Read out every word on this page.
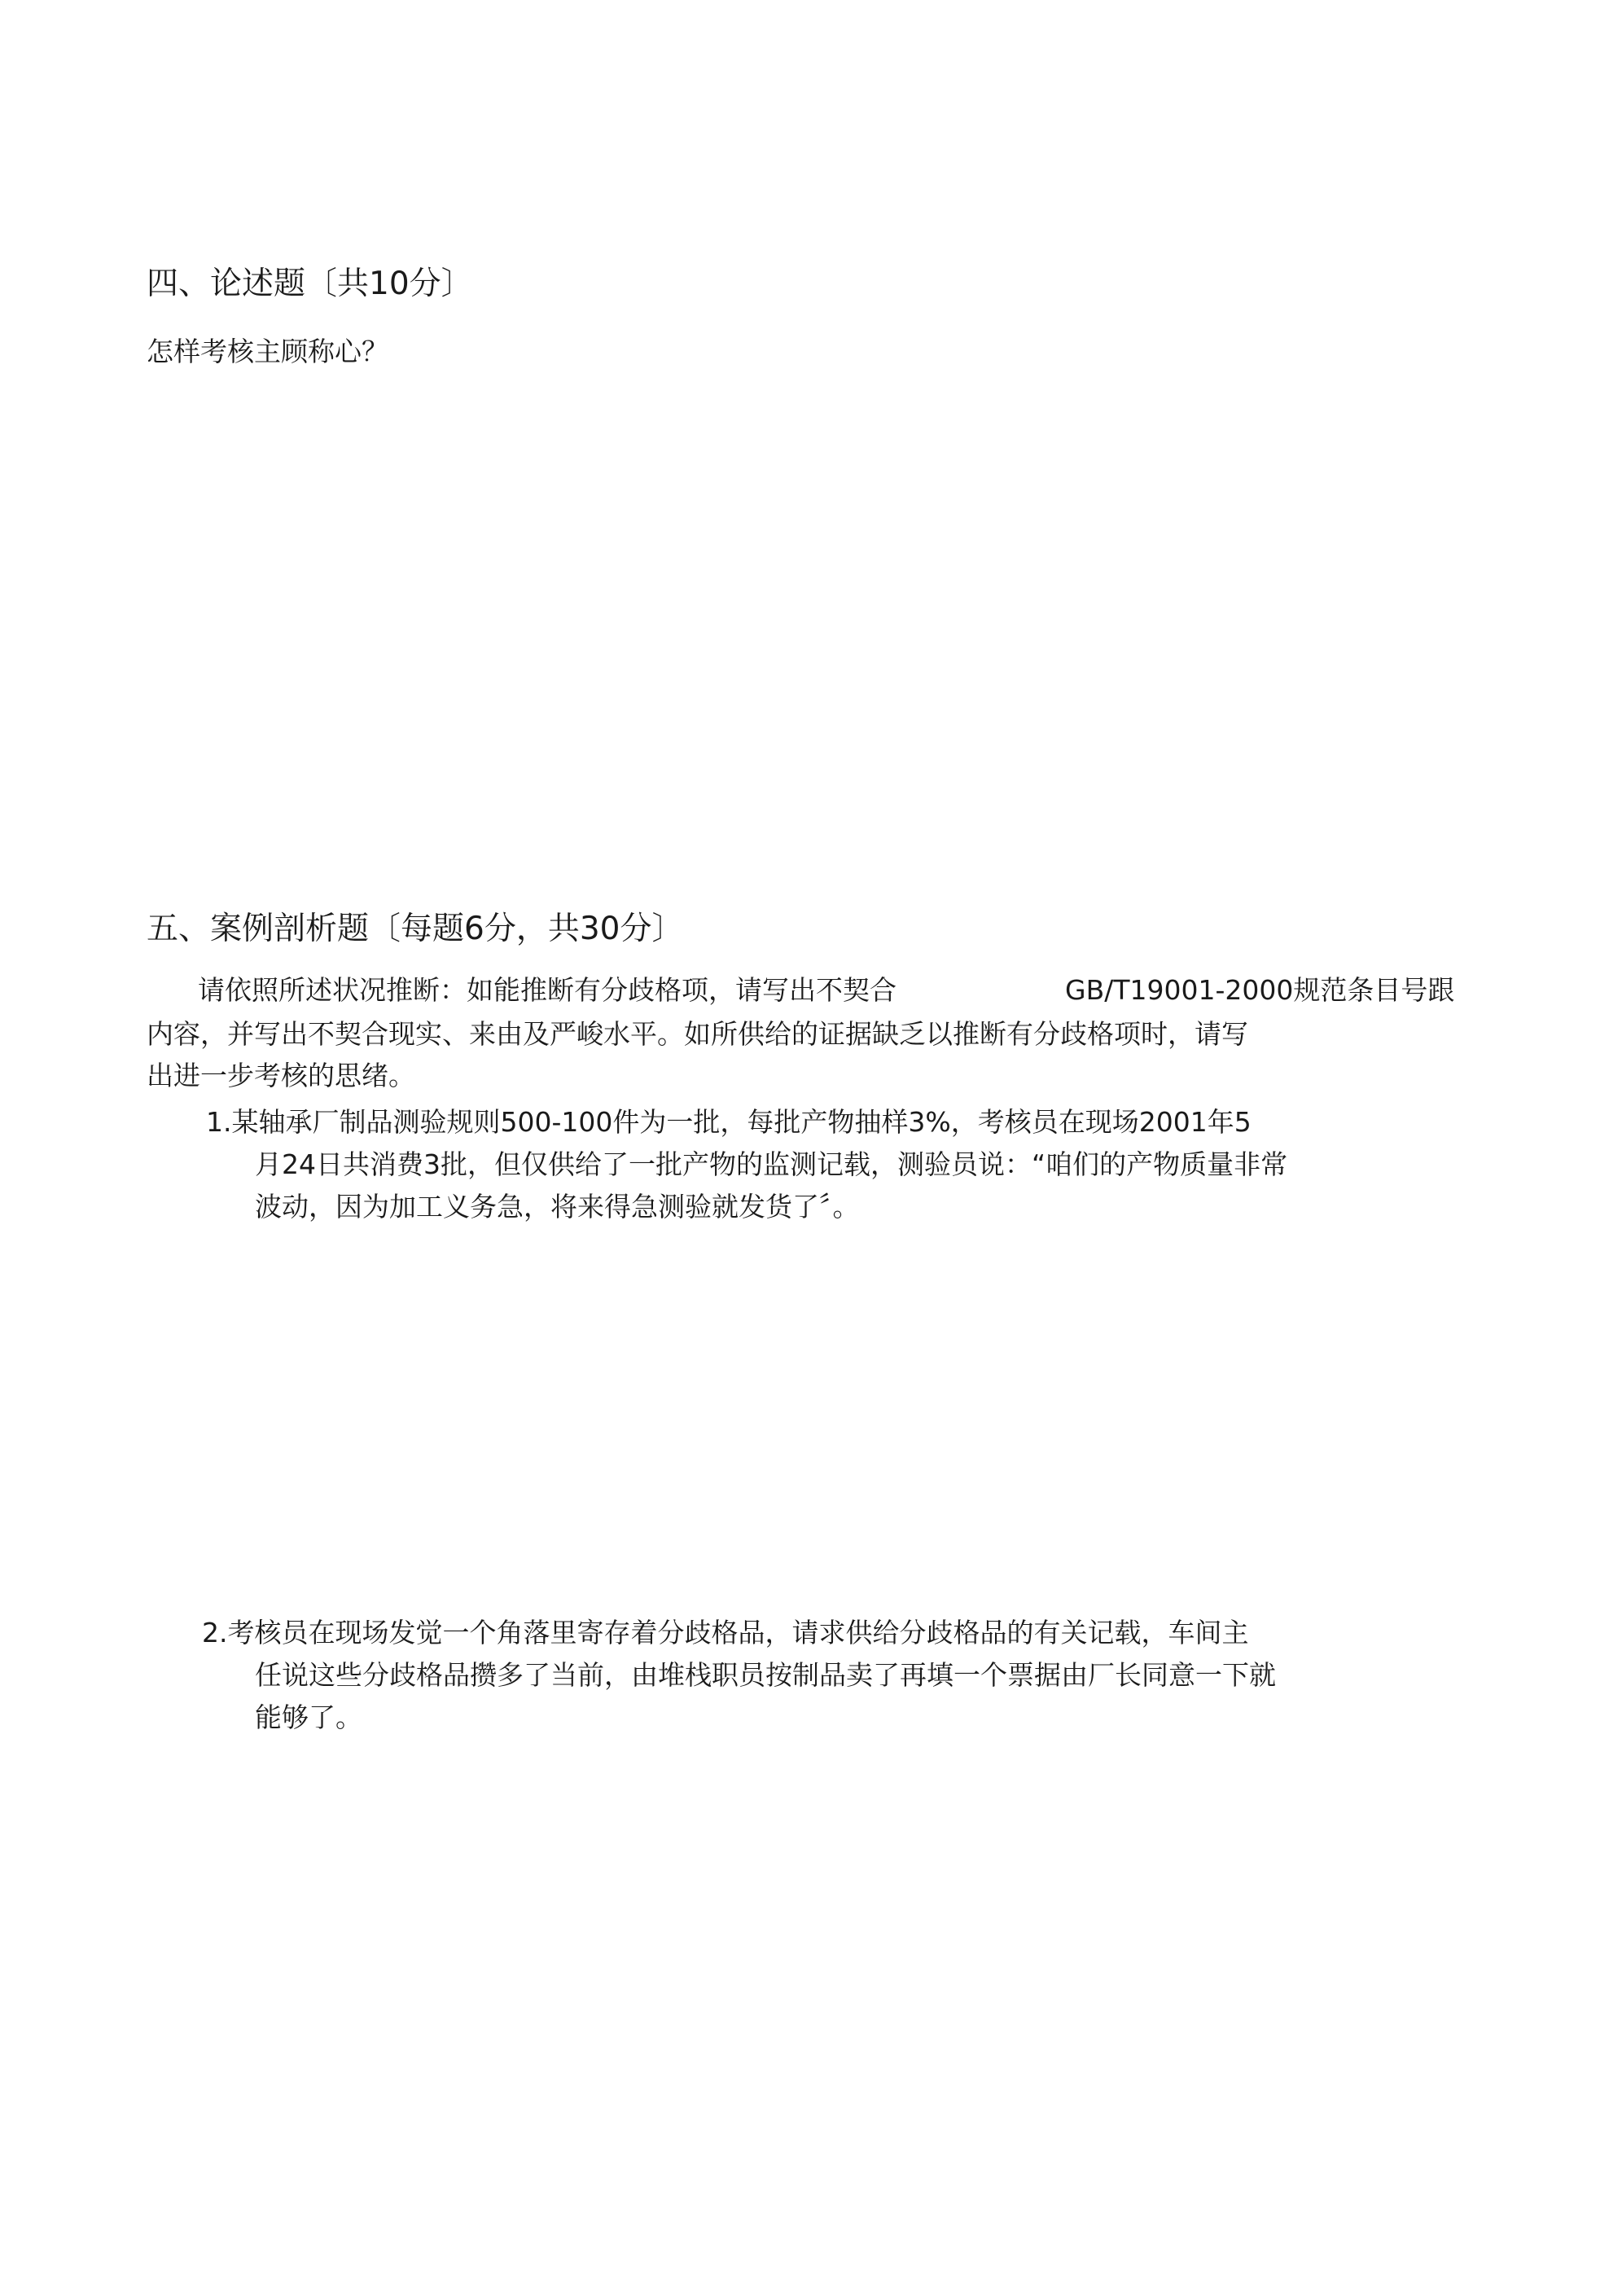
四、论述题〔共10分〕
怎样考核主顾称心？
五、案例剖析题〔每题6分，共30分〕
请依照所述状况推断：如能推断有分歧格项，请写出不契合	GB/T19001-2000规范条目号跟
内容，并写出不契合现实、来由及严峻水平。如所供给的证据缺乏以推断有分歧格项时，请写
出进一步考核的思绪。
1.某轴承厂制品测验规则500-100件为一批，每批产物抽样3%，考核员在现场2001年5
月24日共消费3批，但仅供给了一批产物的监测记载，测验员说：“咱们的产物质量非常
波动，因为加工义务急，将来得急测验就发货了〞。
2.考核员在现场发觉一个角落里寄存着分歧格品，请求供给分歧格品的有关记载，车间主
任说这些分歧格品攒多了当前，由堆栈职员按制品卖了再填一个票据由厂长同意一下就
能够了。
